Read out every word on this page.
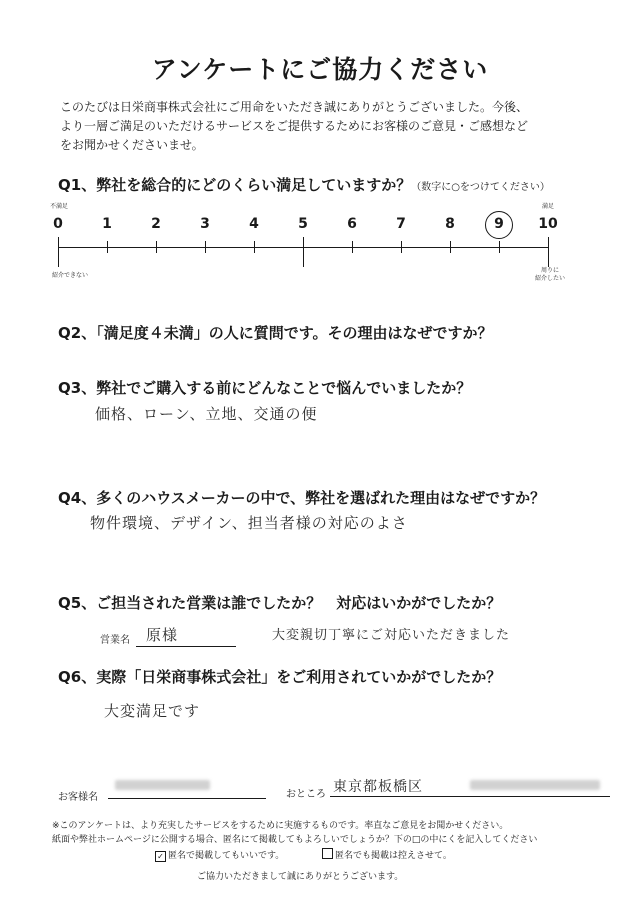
アンケートにご協力ください
このたびは日栄商事株式会社にご用命をいただき誠にありがとうございました。今後、
より一層ご満足のいただけるサービスをご提供するためにお客様のご意見・ご感想など
をお聞かせくださいませ。
Q1、弊社を総合的にどのくらい満足していますか？（数字に○をつけてください）
不満足	満足
0	1	2	3	4	5	6	7	8	9 10
紹介できない
周りに
紹介したい
Q2、「満足度４未満」の人に質問です。その理由はなぜですか？
Q3、弊社でご購入する前にどんなことで悩んでいましたか？
価格、ローン、立地、交通の便
Q4、多くのハウスメーカーの中で、弊社を選ばれた理由はなぜですか？
物件環境、デザイン、担当者様の対応のよさ
Q5、ご担当された営業は誰でしたか？　対応はいかがでしたか？
営業名 原様	大変親切丁寧にご対応いただきました
Q6、実際「日栄商事株式会社」をご利用されていかがでしたか？
大変満足です
お客様名	おところ 東京都板橋区
※このアンケートは、より充実したサービスをするために実施するものです。率直なご意見をお聞かせください。
紙面や弊社ホームページに公開する場合、匿名にて掲載してもよろしいでしょうか？下の□の中にくを記入してください
✓ 匿名で掲載してもいいです。	匿名でも掲載は控えさせて。
ご協力いただきまして誠にありがとうございます。
